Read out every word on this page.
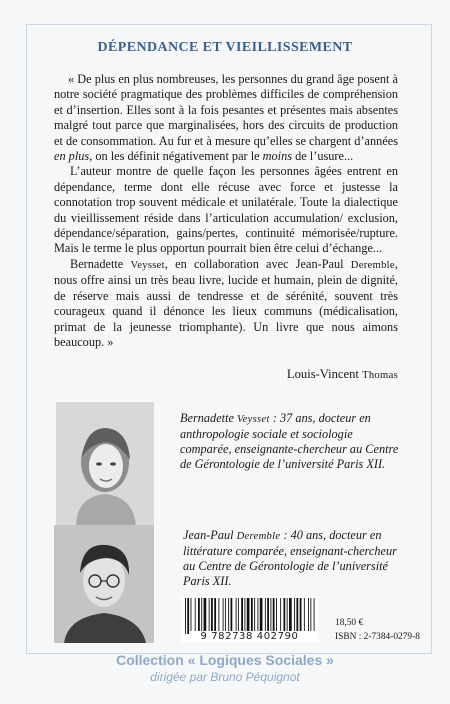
DÉPENDANCE ET VIEILLISSEMENT

« De plus en plus nombreuses, les personnes du grand âge posent à notre société pragmatique des problèmes difficiles de compréhension et d’insertion. Elles sont à la fois pesantes et présentes mais absentes malgré tout parce que marginalisées, hors des circuits de production et de consommation. Au fur et à mesure qu’elles se chargent d’années en plus, on les définit négativement par le moins de l’usure...

L’auteur montre de quelle façon les personnes âgées entrent en dépendance, terme dont elle récuse avec force et justesse la connotation trop souvent médicale et unilatérale. Toute la dialectique du vieillissement réside dans l’articulation accumulation/ exclusion, dépendance/séparation, gains/pertes, continuité mémorisée/rupture. Mais le terme le plus opportun pourrait bien être celui d’échange...

Bernadette Veysset, en collaboration avec Jean-Paul Deremble, nous offre ainsi un très beau livre, lucide et humain, plein de dignité, de réserve mais aussi de tendresse et de sérénité, souvent très courageux quand il dénonce les lieux communs (médicalisation, primat de la jeunesse triomphante). Un livre que nous aimons beaucoup. »

Louis-Vincent Thomas
Bernadette Veysset : 37 ans, docteur en anthropologie sociale et sociologie comparée, enseignante-chercheur au Centre de Gérontologie de l’université Paris XII.
Jean-Paul Deremble : 40 ans, docteur en littérature comparée, enseignant-chercheur au Centre de Gérontologie de l’université Paris XII.
9 782738 402790
18,50 €
ISBN : 2-7384-0279-8
Collection « Logiques Sociales »
dirigée par Bruno Péquignot
